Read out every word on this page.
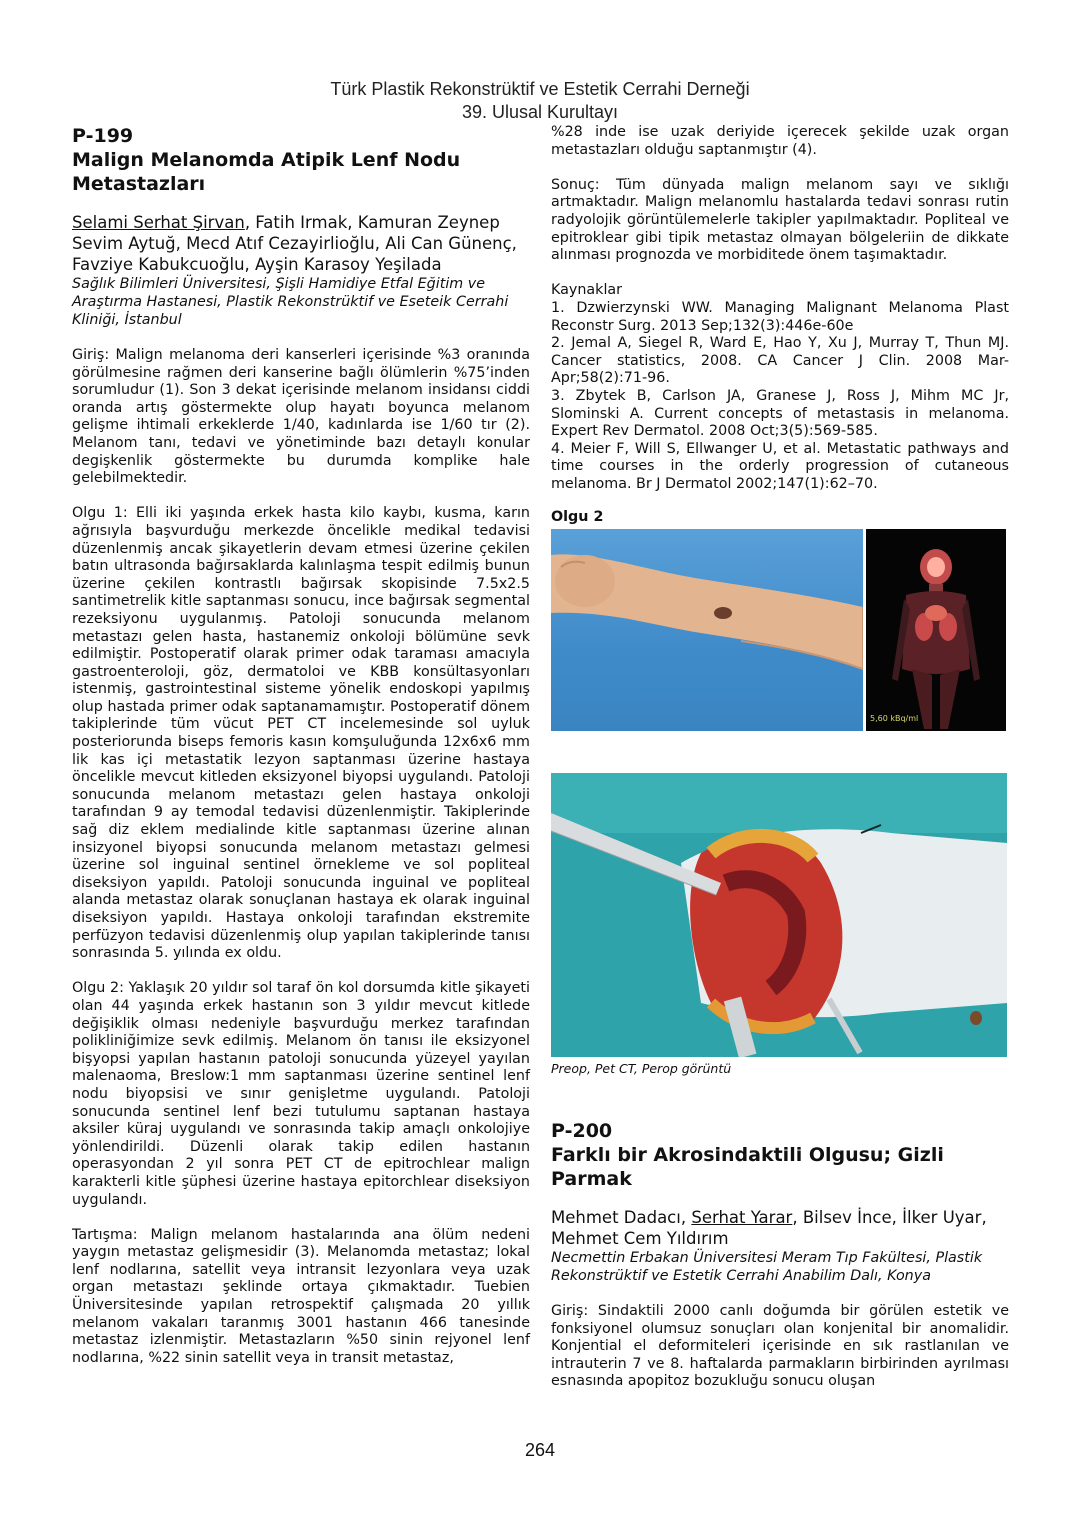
Türk Plastik Rekonstrüktif ve Estetik Cerrahi Derneği
39. Ulusal Kurultayı
P-199
Malign Melanomda Atipik Lenf Nodu Metastazları

Selami Serhat Şirvan, Fatih Irmak, Kamuran Zeynep Sevim Aytuğ, Mecd Atıf Cezayirlioğlu, Ali Can Günenç, Favziye Kabukcuoğlu, Ayşin Karasoy Yeşilada

Sağlık Bilimleri Üniversitesi, Şişli Hamidiye Etfal Eğitim ve Araştırma Hastanesi, Plastik Rekonstrüktif ve Eseteik Cerrahi Kliniği, İstanbul

Giriş: Malign melanoma deri kanserleri içerisinde %3 oranında görülmesine rağmen deri kanserine bağlı ölümlerin %75’inden sorumludur (1). Son 3 dekat içerisinde melanom insidansı ciddi oranda artış göstermekte olup hayatı boyunca melanom gelişme ihtimali erkeklerde 1/40, kadınlarda ise 1/60 tır (2). Melanom tanı, tedavi ve yönetiminde bazı detaylı konular degişkenlik göstermekte bu durumda komplike hale gelebilmektedir.

Olgu 1: Elli iki yaşında erkek hasta kilo kaybı, kusma, karın ağrısıyla başvurduğu merkezde öncelikle medikal tedavisi düzenlenmiş ancak şikayetlerin devam etmesi üzerine çekilen batın ultrasonda bağırsaklarda kalınlaşma tespit edilmiş bunun üzerine çekilen kontrastlı bağırsak skopisinde 7.5x2.5 santimetrelik kitle saptanması sonucu, ince bağırsak segmental rezeksiyonu uygulanmış. Patoloji sonucunda melanom metastazı gelen hasta, hastanemiz onkoloji bölümüne sevk edilmiştir. Postoperatif olarak primer odak taraması amacıyla gastroenteroloji, göz, dermatoloi ve KBB konsültasyonları istenmiş, gastrointestinal sisteme yönelik endoskopi yapılmış olup hastada primer odak saptanamamıştır. Postoperatif dönem takiplerinde tüm vücut PET CT incelemesinde sol uyluk posteriorunda biseps femoris kasın komşuluğunda 12x6x6 mm lik kas içi metastatik lezyon saptanması üzerine hastaya öncelikle mevcut kitleden eksizyonel biyopsi uygulandı. Patoloji sonucunda melanom metastazı gelen hastaya onkoloji tarafından 9 ay temodal tedavisi düzenlenmiştir. Takiplerinde sağ diz eklem medialinde kitle saptanması üzerine alınan insizyonel biyopsi sonucunda melanom metastazı gelmesi üzerine sol inguinal sentinel örnekleme ve sol popliteal diseksiyon yapıldı. Patoloji sonucunda inguinal ve popliteal alanda metastaz olarak sonuçlanan hastaya ek olarak inguinal diseksiyon yapıldı. Hastaya onkoloji tarafından ekstremite perfüzyon tedavisi düzenlenmiş olup yapılan takiplerinde tanısı sonrasında 5. yılında ex oldu.

Olgu 2: Yaklaşık 20 yıldır sol taraf ön kol dorsumda kitle şikayeti olan 44 yaşında erkek hastanın son 3 yıldır mevcut kitlede değişiklik olması nedeniyle başvurduğu merkez tarafından polikliniğimize sevk edilmiş. Melanom ön tanısı ile eksizyonel bişyopsi yapılan hastanın patoloji sonucunda yüzeyel yayılan malenaoma, Breslow:1 mm saptanması üzerine sentinel lenf nodu biyopsisi ve sınır genişletme uygulandı. Patoloji sonucunda sentinel lenf bezi tutulumu saptanan hastaya aksiler küraj uygulandı ve sonrasında takip amaçlı onkolojiye yönlendirildi. Düzenli olarak takip edilen hastanın operasyondan 2 yıl sonra PET CT de epitrochlear malign karakterli kitle şüphesi üzerine hastaya epitorchlear diseksiyon uygulandı.

Tartışma: Malign melanom hastalarında ana ölüm nedeni yaygın metastaz gelişmesidir (3). Melanomda metastaz; lokal lenf nodlarına, satellit veya intransit lezyonlara veya uzak organ metastazı şeklinde ortaya çıkmaktadır. Tuebien Üniversitesinde yapılan retrospektif çalışmada 20 yıllık melanom vakaları taranmış 3001 hastanın 466 tanesinde metastaz izlenmiştir. Metastazların %50 sinin rejyonel lenf nodlarına, %22 sinin satellit veya in transit metastaz,

%28 inde ise uzak deriyide içerecek şekilde uzak organ metastazları olduğu saptanmıştır (4).

Sonuç: Tüm dünyada malign melanom sayı ve sıklığı artmaktadır. Malign melanomlu hastalarda tedavi sonrası rutin radyolojik görüntülemelerle takipler yapılmaktadır. Popliteal ve epitroklear gibi tipik metastaz olmayan bölgeleriin de dikkate alınması prognozda ve morbiditede önem taşımaktadır.

Kaynaklar

1. Dzwierzynski WW. Managing Malignant Melanoma Plast Reconstr Surg. 2013 Sep;132(3):446e-60e

2. Jemal A, Siegel R, Ward E, Hao Y, Xu J, Murray T, Thun MJ. Cancer statistics, 2008. CA Cancer J Clin. 2008 Mar-Apr;58(2):71-96.

3. Zbytek B, Carlson JA, Granese J, Ross J, Mihm MC Jr, Slominski A. Current concepts of metastasis in melanoma. Expert Rev Dermatol. 2008 Oct;3(5):569-585.

4. Meier F, Will S, Ellwanger U, et al. Metastatic pathways and time courses in the orderly progression of cutaneous melanoma. Br J Dermatol 2002;147(1):62–70.

Olgu 2

5,60 kBq/ml

Preop, Pet CT, Perop görüntü

P-200
Farklı bir Akrosindaktili Olgusu; Gizli Parmak

Mehmet Dadacı, Serhat Yarar, Bilsev İnce, İlker Uyar, Mehmet Cem Yıldırım

Necmettin Erbakan Üniversitesi Meram Tıp Fakültesi, Plastik Rekonstrüktif ve Estetik Cerrahi Anabilim Dalı, Konya

Giriş: Sindaktili 2000 canlı doğumda bir görülen estetik ve fonksiyonel olumsuz sonuçları olan konjenital bir anomalidir. Konjential el deformiteleri içerisinde en sık rastlanılan ve intrauterin 7 ve 8. haftalarda parmakların birbirinden ayrılması esnasında apopitoz bozukluğu sonucu oluşan

264
